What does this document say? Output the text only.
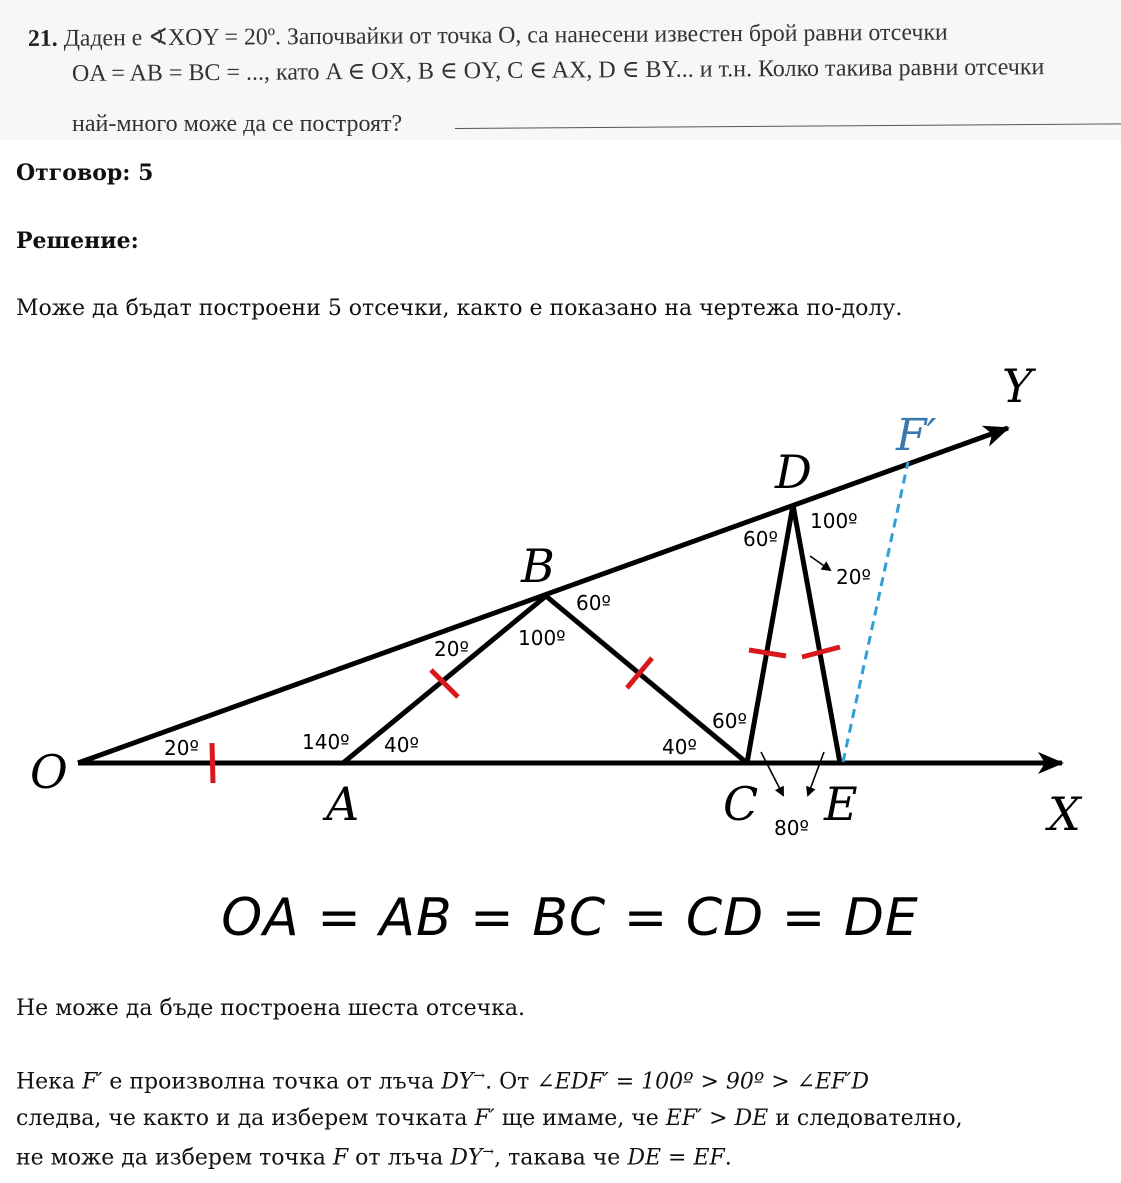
21. Даден е ∢XOY = 20º. Започвайки от точка O, са нанесени известен брой равни отсечки
OA = AB = BC = ..., като A ∈ OX, B ∈ OY, C ∈ AX, D ∈ BY... и т.н. Колко такива равни отсечки
най-много може да се построят?
Отговор: 5
Решение:
Може да бъдат построени 5 отсечки, както е показано на чертежа по-долу.
O
A
B
C
D
E	X
Y
F′
20º	140º 40º
20º 100º
60º
40º
60º
60º
100º
20º
80º
OA = AB = BC = CD = DE
Не може да бъде построена шеста отсечка.
Нека F′ е произволна точка от лъча DY→. От ∠EDF′ = 100º > 90º > ∠EF′D
следва, че както и да изберем точката F′ ще имаме, че EF′ > DE и следователно,
не може да изберем точка F от лъча DY→, такава че DE = EF.
